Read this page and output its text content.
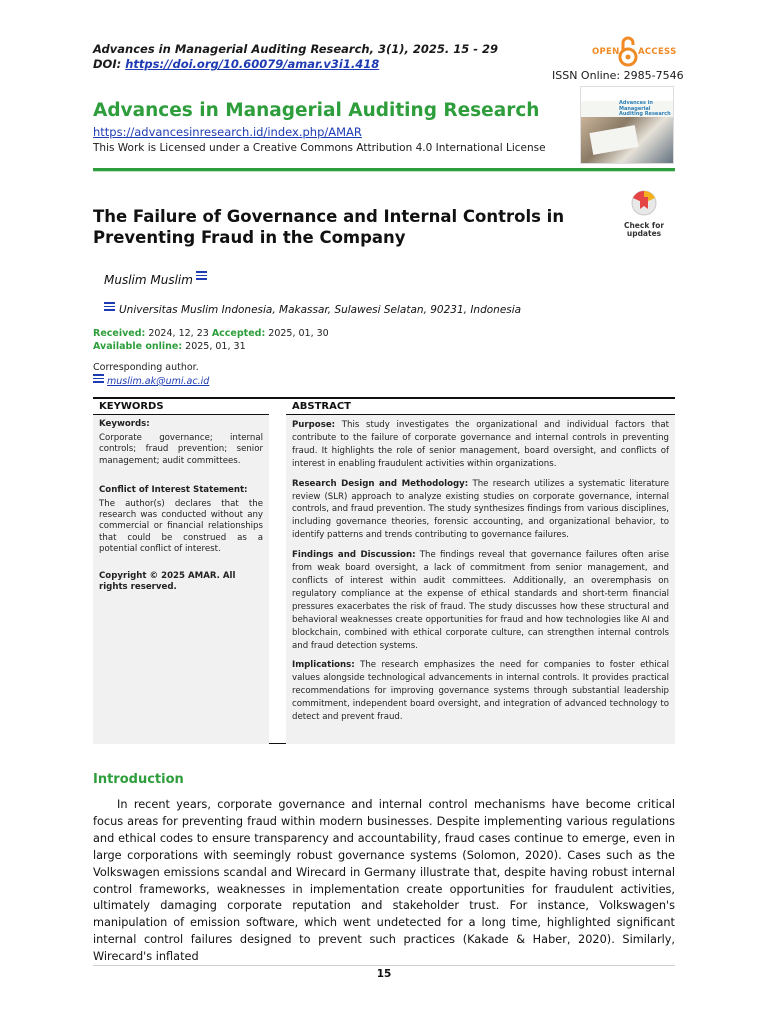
Advances in Managerial Auditing Research, 3(1), 2025. 15 - 29
DOI: https://doi.org/10.60079/amar.v3i1.418
OPEN ACCESS
ISSN Online: 2985-7546
Advances in Managerial Auditing Research
https://advancesinresearch.id/index.php/AMAR
This Work is Licensed under a Creative Commons Attribution 4.0 International License
Advances in Managerial Auditing Research
The Failure of Governance and Internal Controls in Preventing Fraud in the Company
Check for updates
Muslim Muslim
Universitas Muslim Indonesia, Makassar, Sulawesi Selatan, 90231, Indonesia
Received: 2024, 12, 23 Accepted: 2025, 01, 30
Available online: 2025, 01, 31
Corresponding author.
muslim.ak@umi.ac.id
KEYWORDS
Keywords:
Corporate governance; internal controls; fraud prevention; senior management; audit committees.
Conflict of Interest Statement:
The author(s) declares that the research was conducted without any commercial or financial relationships that could be construed as a potential conflict of interest.
Copyright © 2025 AMAR. All rights reserved.
ABSTRACT

Purpose: This study investigates the organizational and individual factors that contribute to the failure of corporate governance and internal controls in preventing fraud. It highlights the role of senior management, board oversight, and conflicts of interest in enabling fraudulent activities within organizations.

Research Design and Methodology: The research utilizes a systematic literature review (SLR) approach to analyze existing studies on corporate governance, internal controls, and fraud prevention. The study synthesizes findings from various disciplines, including governance theories, forensic accounting, and organizational behavior, to identify patterns and trends contributing to governance failures.

Findings and Discussion: The findings reveal that governance failures often arise from weak board oversight, a lack of commitment from senior management, and conflicts of interest within audit committees. Additionally, an overemphasis on regulatory compliance at the expense of ethical standards and short-term financial pressures exacerbates the risk of fraud. The study discusses how these structural and behavioral weaknesses create opportunities for fraud and how technologies like AI and blockchain, combined with ethical corporate culture, can strengthen internal controls and fraud detection systems.

Implications: The research emphasizes the need for companies to foster ethical values alongside technological advancements in internal controls. It provides practical recommendations for improving governance systems through substantial leadership commitment, independent board oversight, and integration of advanced technology to detect and prevent fraud.

Introduction

In recent years, corporate governance and internal control mechanisms have become critical focus areas for preventing fraud within modern businesses. Despite implementing various regulations and ethical codes to ensure transparency and accountability, fraud cases continue to emerge, even in large corporations with seemingly robust governance systems (Solomon, 2020). Cases such as the Volkswagen emissions scandal and Wirecard in Germany illustrate that, despite having robust internal control frameworks, weaknesses in implementation create opportunities for fraudulent activities, ultimately damaging corporate reputation and stakeholder trust. For instance, Volkswagen's manipulation of emission software, which went undetected for a long time, highlighted significant internal control failures designed to prevent such practices (Kakade & Haber, 2020). Similarly, Wirecard's inflated

15
